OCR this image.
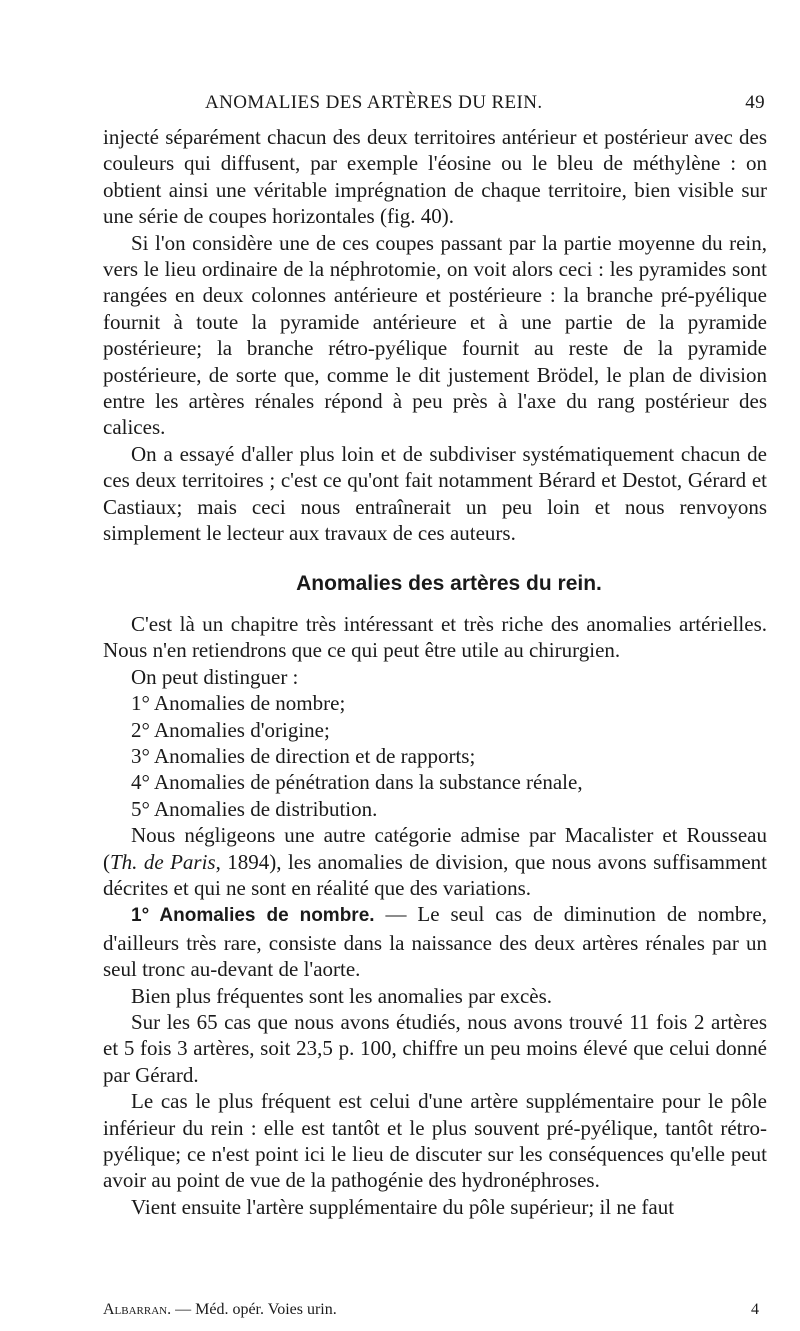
ANOMALIES DES ARTÈRES DU REIN.	49

injecté séparément chacun des deux territoires antérieur et postérieur avec des couleurs qui diffusent, par exemple l'éosine ou le bleu de méthylène : on obtient ainsi une véritable imprégnation de chaque territoire, bien visible sur une série de coupes horizontales (fig. 40).

Si l'on considère une de ces coupes passant par la partie moyenne du rein, vers le lieu ordinaire de la néphrotomie, on voit alors ceci : les pyramides sont rangées en deux colonnes antérieure et postérieure : la branche pré-pyélique fournit à toute la pyramide antérieure et à une partie de la pyramide postérieure; la branche rétro-pyélique fournit au reste de la pyramide postérieure, de sorte que, comme le dit justement Brödel, le plan de division entre les artères rénales répond à peu près à l'axe du rang postérieur des calices.

On a essayé d'aller plus loin et de subdiviser systématiquement chacun de ces deux territoires ; c'est ce qu'ont fait notamment Bérard et Destot, Gérard et Castiaux; mais ceci nous entraînerait un peu loin et nous renvoyons simplement le lecteur aux travaux de ces auteurs.

Anomalies des artères du rein.

C'est là un chapitre très intéressant et très riche des anomalies artérielles. Nous n'en retiendrons que ce qui peut être utile au chirurgien.

On peut distinguer :

1° Anomalies de nombre;

2° Anomalies d'origine;

3° Anomalies de direction et de rapports;

4° Anomalies de pénétration dans la substance rénale,

5° Anomalies de distribution.

Nous négligeons une autre catégorie admise par Macalister et Rousseau (Th. de Paris, 1894), les anomalies de division, que nous avons suffisamment décrites et qui ne sont en réalité que des variations.

1° Anomalies de nombre. — Le seul cas de diminution de nombre, d'ailleurs très rare, consiste dans la naissance des deux artères rénales par un seul tronc au-devant de l'aorte.

Bien plus fréquentes sont les anomalies par excès.

Sur les 65 cas que nous avons étudiés, nous avons trouvé 11 fois 2 artères et 5 fois 3 artères, soit 23,5 p. 100, chiffre un peu moins élevé que celui donné par Gérard.

Le cas le plus fréquent est celui d'une artère supplémentaire pour le pôle inférieur du rein : elle est tantôt et le plus souvent pré-pyélique, tantôt rétro-pyélique; ce n'est point ici le lieu de discuter sur les conséquences qu'elle peut avoir au point de vue de la pathogénie des hydronéphroses.

Vient ensuite l'artère supplémentaire du pôle supérieur; il ne faut

Albarran. — Méd. opér. Voies urin.	4
